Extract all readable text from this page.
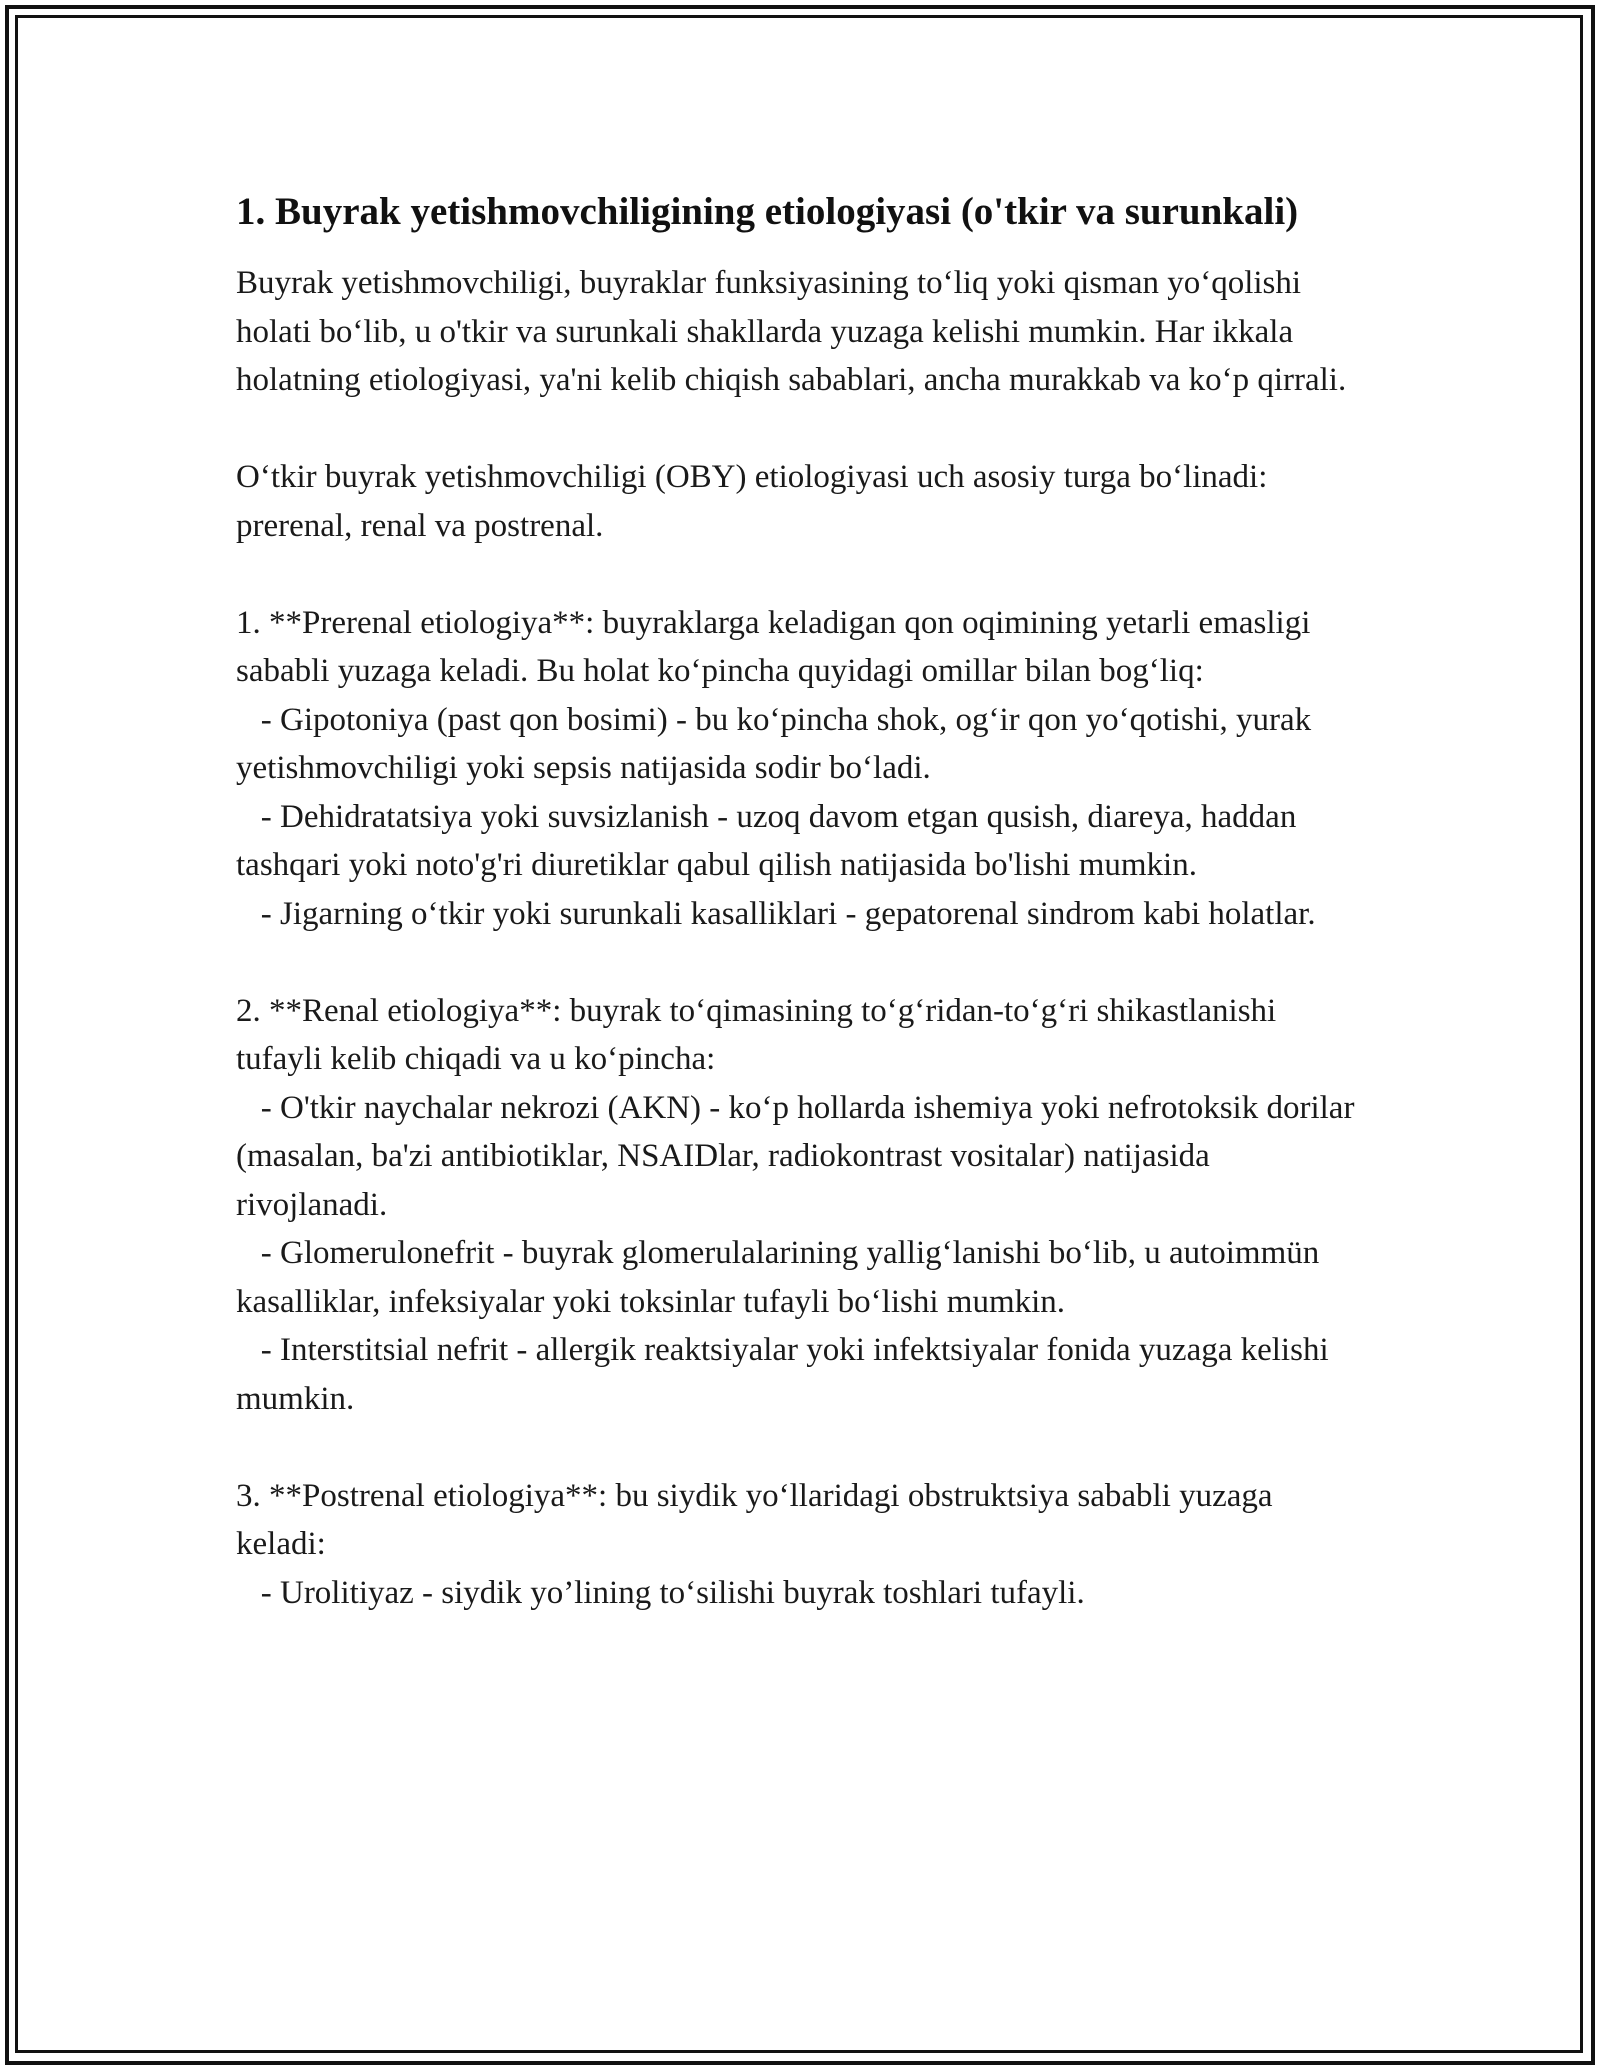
1. Buyrak yetishmovchiligining etiologiyasi (o'tkir va surunkali)

Buyrak yetishmovchiligi, buyraklar funksiyasining to‘liq yoki qisman yo‘qolishi holati bo‘lib, u o'tkir va surunkali shakllarda yuzaga kelishi mumkin. Har ikkala holatning etiologiyasi, ya'ni kelib chiqish sabablari, ancha murakkab va ko‘p qirrali.

O‘tkir buyrak yetishmovchiligi (OBY) etiologiyasi uch asosiy turga bo‘linadi: prerenal, renal va postrenal.

1. **Prerenal etiologiya**: buyraklarga keladigan qon oqimining yetarli emasligi sababli yuzaga keladi. Bu holat ko‘pincha quyidagi omillar bilan bog‘liq:

- Gipotoniya (past qon bosimi) - bu ko‘pincha shok, og‘ir qon yo‘qotishi, yurak yetishmovchiligi yoki sepsis natijasida sodir bo‘ladi.

- Dehidratatsiya yoki suvsizlanish - uzoq davom etgan qusish, diareya, haddan tashqari yoki noto'g'ri diuretiklar qabul qilish natijasida bo'lishi mumkin.

- Jigarning o‘tkir yoki surunkali kasalliklari - gepatorenal sindrom kabi holatlar.

2. **Renal etiologiya**: buyrak to‘qimasining to‘g‘ridan-to‘g‘ri shikastlanishi tufayli kelib chiqadi va u ko‘pincha:

- O'tkir naychalar nekrozi (AKN) - ko‘p hollarda ishemiya yoki nefrotoksik dorilar (masalan, ba'zi antibiotiklar, NSAIDlar, radiokontrast vositalar) natijasida rivojlanadi.

- Glomerulonefrit - buyrak glomerulalarining yallig‘lanishi bo‘lib, u autoimmün kasalliklar, infeksiyalar yoki toksinlar tufayli bo‘lishi mumkin.

- Interstitsial nefrit - allergik reaktsiyalar yoki infektsiyalar fonida yuzaga kelishi mumkin.

3. **Postrenal etiologiya**: bu siydik yo‘llaridagi obstruktsiya sababli yuzaga keladi:

- Urolitiyaz - siydik yo’lining to‘silishi buyrak toshlari tufayli.
